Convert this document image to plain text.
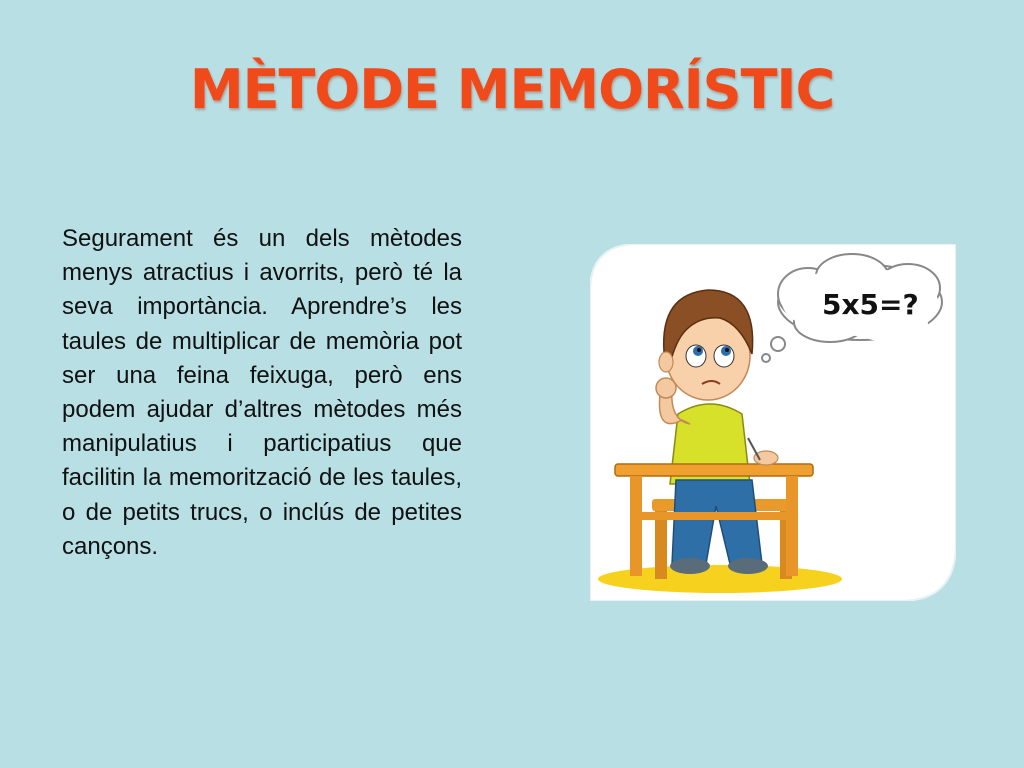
MÈTODE MEMORÍSTIC

Segurament és un dels mètodes menys atractius i avorrits, però té la seva importància. Aprendre’s les taules de multiplicar de memòria pot ser una feina feixuga, però ens podem ajudar d’altres mètodes més manipulatius i participatius que facilitin la memorització de les taules, o de petits trucs, o inclús de petites cançons.

5x5=?
